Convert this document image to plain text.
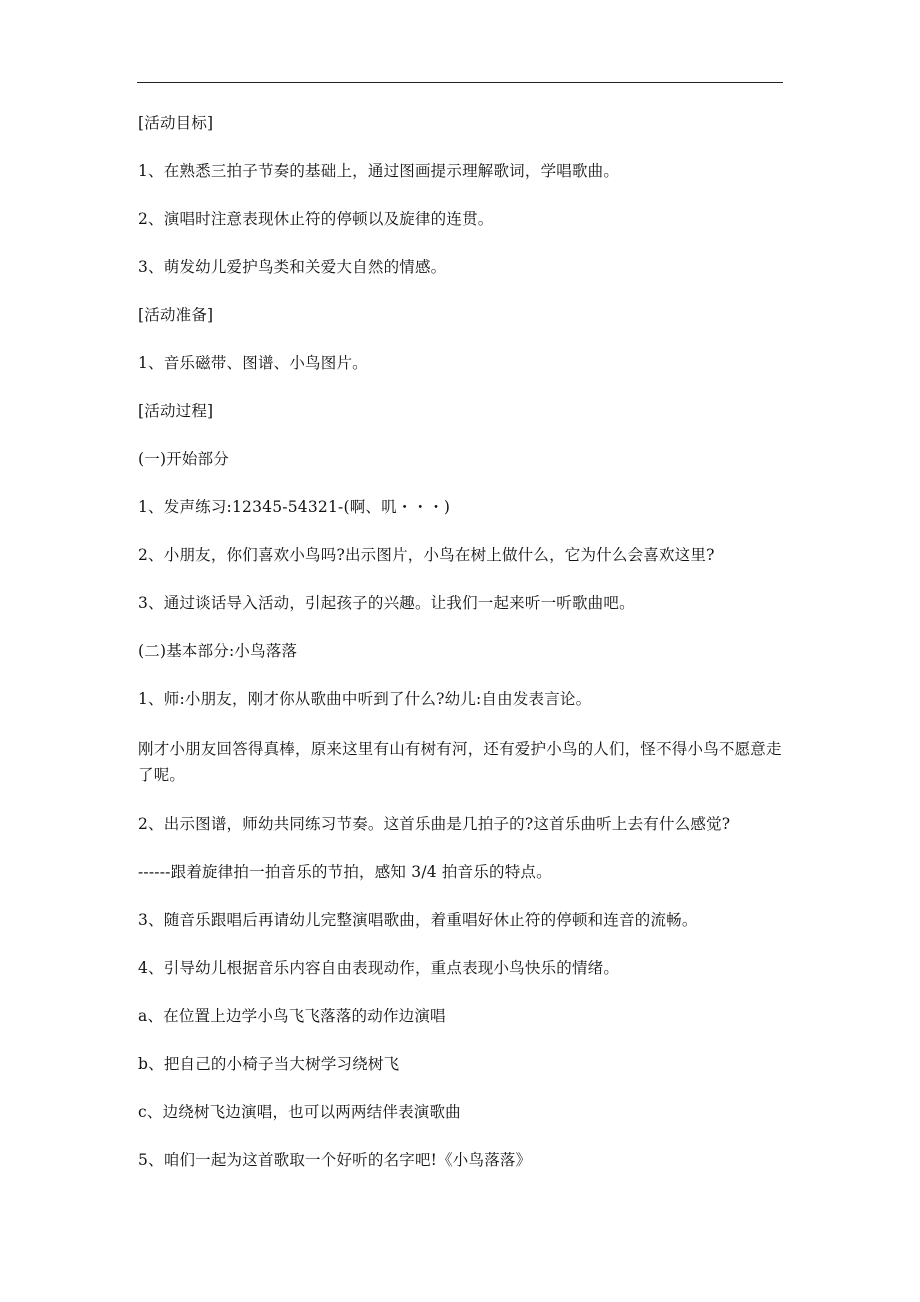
[活动目标]

1、在熟悉三拍子节奏的基础上，通过图画提示理解歌词，学唱歌曲。

2、演唱时注意表现休止符的停顿以及旋律的连贯。

3、萌发幼儿爱护鸟类和关爱大自然的情感。

[活动准备]

1、音乐磁带、图谱、小鸟图片。

[活动过程]

(一)开始部分

1、发声练习:12345-54321-(啊、叽・・・)

2、小朋友，你们喜欢小鸟吗?出示图片，小鸟在树上做什么，它为什么会喜欢这里?

3、通过谈话导入活动，引起孩子的兴趣。让我们一起来听一听歌曲吧。

(二)基本部分:小鸟落落

1、师:小朋友，刚才你从歌曲中听到了什么?幼儿:自由发表言论。

刚才小朋友回答得真棒，原来这里有山有树有河，还有爱护小鸟的人们，怪不得小鸟不愿意走了呢。

2、出示图谱，师幼共同练习节奏。这首乐曲是几拍子的?这首乐曲听上去有什么感觉?

------跟着旋律拍一拍音乐的节拍，感知 3/4 拍音乐的特点。

3、随音乐跟唱后再请幼儿完整演唱歌曲，着重唱好休止符的停顿和连音的流畅。

4、引导幼儿根据音乐内容自由表现动作，重点表现小鸟快乐的情绪。

a、在位置上边学小鸟飞飞落落的动作边演唱

b、把自己的小椅子当大树学习绕树飞

c、边绕树飞边演唱，也可以两两结伴表演歌曲

5、咱们一起为这首歌取一个好听的名字吧!《小鸟落落》
